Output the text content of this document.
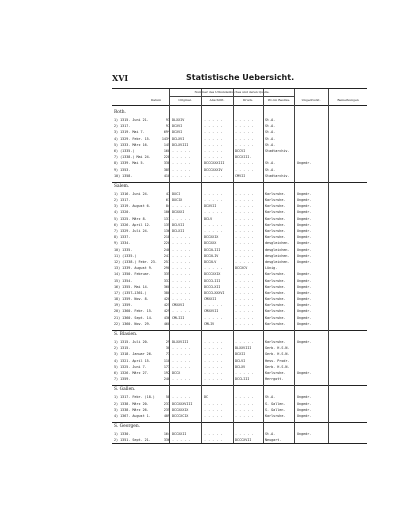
XVI	Statistische Uebersicht.
Nummer des Urkundenbuches und deren Quelle.
Datum	Original.	Abschrift.	Druck.	Wo im Besitze.	Ungedruckt.	Bemerkungen
Roth.
1) 1315. Juni 21.	93 DLXXIV	. . . . .	. . . . .	St.A.
2) 1317.	97 DCXVI	. . . . .	. . . . .	St.A.
3) 1319. Mai 7.	69* DCXVI	. . . . .	. . . . .	St.A.
4) 1329. Febr. 15.	143* DCLXVI	. . . . .	. . . . .	St.A.
5) 1333. März 16.	145 DCLXVIII	. . . . .	. . . . .	St.A.
6) (1335.)	160 . . . . .	. . . . .	DCCVI	Stadtarchiv.
7) (1338.) Mai 24.	228 . . . . .	. . . . .	DCCXIII.
8) 1339. Mai 5.	338 . . . . .	DCCCXXXIII	. . . . .	St.A.	Ungedr.
9) 1353.	385 . . . . .	DCCCXXXIV	. . . . .	St.A.
10) 1358.	410 . . . . .	. . . . .	CMVII	Stadtarchiv.
Salem.
1) 1316. Juni 24.	47 DXCI	. . . . .	. . . . .	Karlsruhe.	Ungedr.
2) 1317.	61 DXCIX	. . . . .	. . . . .	Karlsruhe.	Ungedr.
3) 1319. August 6.	84 . . . . .	DCXVII	. . . . .	Karlsruhe.	Ungedr.
4) 1320.	106 DCXXXI	. . . . .	. . . . .	Karlsruhe.	Ungedr.
5) 1325. März 8.	131 . . . . .	DCLV	. . . . .	Karlsruhe.	Ungedr.
6) 1326. April 12.	135 DCLVII	. . . . .	. . . . .	Karlsruhe.	Ungedr.
7) 1329. Juli 24.	136 DCLXII	. . . . .	. . . . .	Karlsruhe.	Ungedr.
8) 1337.	218 . . . . .	DCCXXIX	. . . . .	Karlsruhe.	Ungedr.
9) 1334.	220 . . . . .	DCCXXX	. . . . .	desgleichen.	Ungedr.
10) 1335.	240 . . . . .	DCCXLIII	. . . . .	desgleichen.	Ungedr.
11) (1335.)	241 . . . . .	DCCXLIV	. . . . .	desgleichen.	Ungedr.
12) (1338.) Febr. 23.	251 . . . . .	DCCXLV	. . . . .	desgleichen.	Ungedr.
13) 1339. August 9.	290 . . . . .	. . . . .	DCCXCV	Lünig.
14) 1350. Februar.	335 . . . . .	DCCCXXIX	. . . . .	Karlsruhe.	Ungedr.
15) 1354.	337 . . . . .	DCCCLIII	. . . . .	Karlsruhe.	Ungedr.
16) 1355. Mai 14.	360 . . . . .	DCCCLXII	. . . . .	Karlsruhe.	Ungedr.
17) (1357–1361.)	380 . . . . .	DCCCLXXXVI	. . . . .	Karlsruhe.	Ungedr.
18) 1359. Nov. 8.	420 . . . . .	CMXXII	. . . . .	Karlsruhe.	Ungedr.
19) 1359.	425 CMXXVI	. . . . .	. . . . .	Karlsruhe.	Ungedr.
20) 1360. Febr. 15.	429 . . . . .	CMXXVII	. . . . .	Karlsruhe.	Ungedr.
21) 1360. Sept. 14.	436 CMLIII	. . . . .	. . . . .	Karlsruhe.	Ungedr.
22) 1360. Nov. 29.	460 . . . . .	CMLIV	. . . . .	Karlsruhe.	Ungedr.
S. Blasien.
1) 1315. Juli 20.	29 DLXXVIII	. . . . .	. . . . .	Karlsruhe.	Ungedr.
2) 1315.	30 . . . . .	. . . . .	DLXXVIII	Gerb. H.S.N.
3) 1318. Januar 26.	73 . . . . .	. . . . .	DCXII	Gerb. H.S.N.
4) 1321. April 15.	110 . . . . .	. . . . .	DCLVI	Hess. Prodr.
5) 1325. Juni 7.	173 . . . . .	. . . . .	DCLXV	Gerb. H.S.N.
6) 1326. März 27.	192 DCCX	. . . . .	. . . . .	Karlsruhe.	Ungedr.
7) 1359.	240 . . . . .	. . . . .	DCCLIII	Herrgott.
S. Gallen.
1) 1317. Febr. (18.)	58 . . . . .	DC	. . . . .	St.A.	Ungedr.
2) 1338. März 20.	233 DCCXXXVIII	. . . . .	. . . . .	S. Gallen.	Ungedr.
3) 1338. März 26.	235 DCCXXXIX	. . . . .	. . . . .	S. Gallen.	Ungedr.
4) 1367. August 1.	409 DCCCXCIX	. . . . .	. . . . .	Karlsruhe.	Ungedr.
S. Georgen.
1) 1330.	164 DCCXXII	. . . . .	. . . . .	St.A.	Ungedr.
2) 1351. Sept. 21.	336 . . . . .	. . . . .	DCCCXVII	Neugart.
